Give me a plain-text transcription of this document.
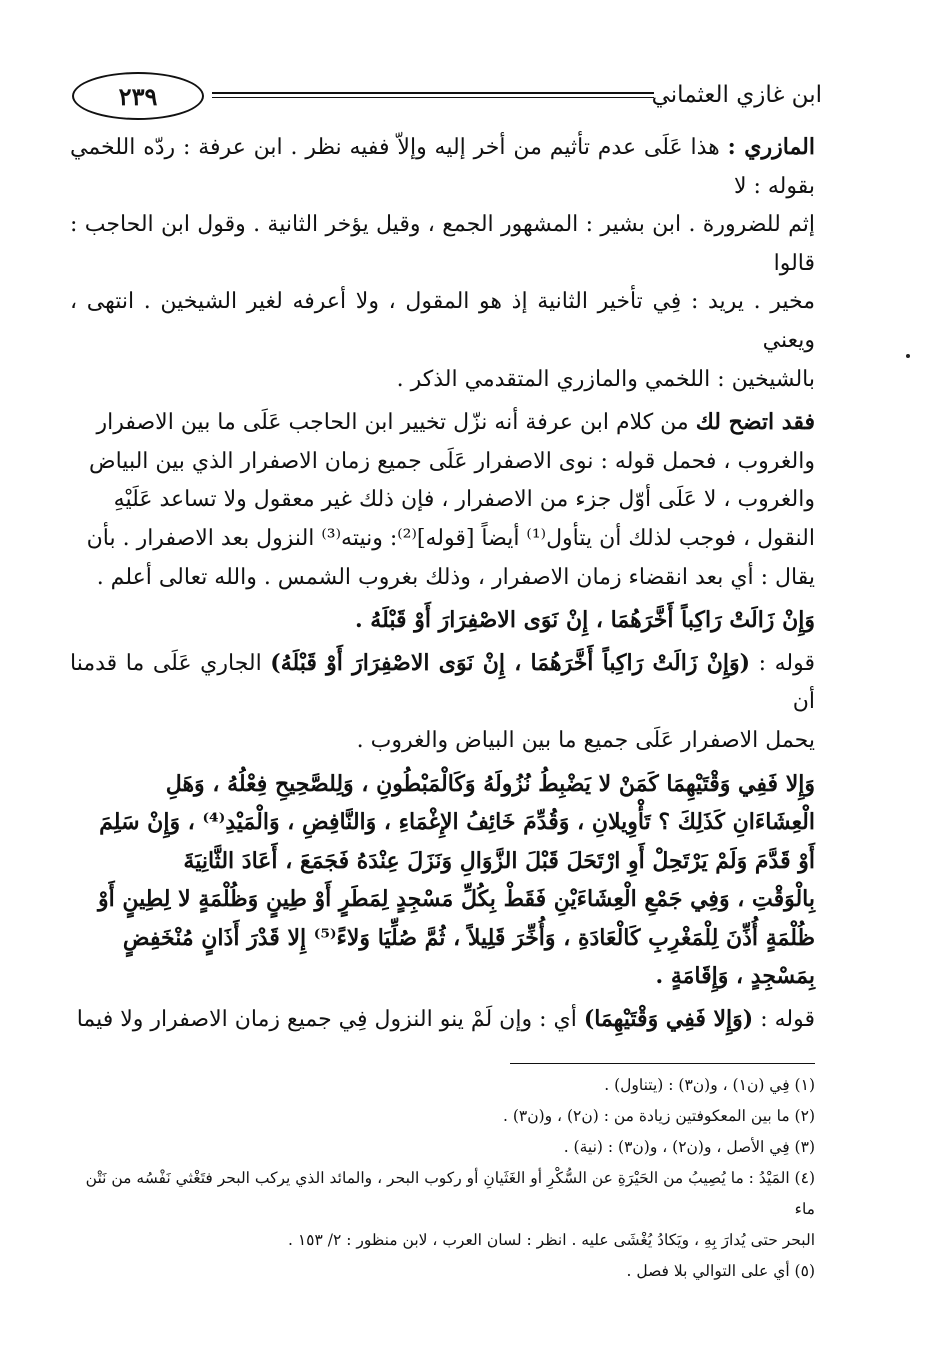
ابن غازي العثماني
٢٣٩

المازري : هذا عَلَى عدم تأثيم من أخر إليه وإلاّ ففيه نظر . ابن عرفة : ردّه اللخمي بقوله : لا
إثم للضرورة . ابن بشير : المشهور الجمع ، وقيل يؤخر الثانية . وقول ابن الحاجب : قالوا
مخير . يريد : فِي تأخير الثانية إذ هو المقول ، ولا أعرفه لغير الشيخين . انتهى ، ويعني
بالشيخين : اللخمي والمازري المتقدمي الذكر .

فقد اتضح لك من كلام ابن عرفة أنه نزّل تخيير ابن الحاجب عَلَى ما بين الاصفرار
والغروب ، فحمل قوله : نوى الاصفرار عَلَى جميع زمان الاصفرار الذي بين البياض
والغروب ، لا عَلَى أوّل جزء من الاصفرار ، فإن ذلك غير معقول ولا تساعد عَلَيْهِ
النقول ، فوجب لذلك أن يتأول⁽¹⁾ أيضاً [قوله]⁽²⁾: ونيته⁽³⁾ النزول بعد الاصفرار . بأن
يقال : أي بعد انقضاء زمان الاصفرار ، وذلك بغروب الشمس . والله تعالى أعلم .

وَإِنْ زَالَتْ رَاكِباً أَخَّرَهُمَا ، إِنْ نَوَى الاصْفِرَارَ أَوْ قَبْلَهُ .

قوله : (وَإِنْ زَالَتْ رَاكِباً أَخَّرَهُمَا ، إِنْ نَوَى الاصْفِرَارَ أَوْ قَبْلَهُ) الجاري عَلَى ما قدمنا أن
يحمل الاصفرار عَلَى جميع ما بين البياض والغروب .

وَإِلا فَفِي وَقْتَيْهِمَا كَمَنْ لا يَضْبِطُ نُزُولَهُ وَكَالْمَبْطُونِ ، وَلِلصَّحِيحِ فِعْلُهُ ، وَهَلِ
الْعِشَاءَانِ كَذَلِكَ ؟ تَأْوِيلانِ ، وَقُدِّمَ خَائِفُ الإِغْمَاءِ ، وَالنَّافِضِ ، وَالْمَيْدِ⁽⁴⁾ ، وَإِنْ سَلِمَ
أَوْ قَدَّمَ وَلَمْ يَرْتَحِلْ أَوِ ارْتَحَلَ قَبْلَ الزَّوَالِ وَنَزَلَ عِنْدَهُ فَجَمَعَ ، أَعَادَ الثَّانِيَةَ
بِالْوَقْتِ ، وَفِي جَمْعِ الْعِشَاءَيْنِ فَقَطْ بِكُلِّ مَسْجِدٍ لِمَطَرٍ أَوْ طِينٍ وَظُلْمَةٍ لا لِطِينٍ أَوْ
ظُلْمَةٍ أُذِّنَ لِلْمَغْرِبِ كَالْعَادَةِ ، وَأُخِّرَ قَلِيلاً ، ثُمَّ صُلِّيَا وَلاءً⁽⁵⁾ إِلا قَدْرَ أَذَانٍ مُنْخَفِضٍ
بِمَسْجِدٍ ، وَإِقَامَةٍ .

قوله : (وَإِلا فَفِي وَقْتَيْهِمَا) أي : وإن لَمْ ينو النزول فِي جميع زمان الاصفرار ولا فيما

(١) فِي (ن١) ، و(ن٣) : (يتناول) .

(٢) ما بين المعكوفتين زيادة من : (ن٢) ، و(ن٣) .

(٣) فِي الأصل ، و(ن٢) ، و(ن٣) : (نية) .

(٤) المَيْدُ : ما يُصِيبُ من الحَيْرَةِ عن السُّكْرِ أو الغَثَيانِ أو ركوب البحر ، والمائد الذي يركب البحر فتَغْثي نَفْسُه من نَتْن ماء
البحر حتى يُدارَ بِهِ ، ويَكادُ يُغْشَى عليه . انظر : لسان العرب ، لابن منظور : ٢/ ١٥٣ .

(٥) أي على التوالي بلا فصل .
